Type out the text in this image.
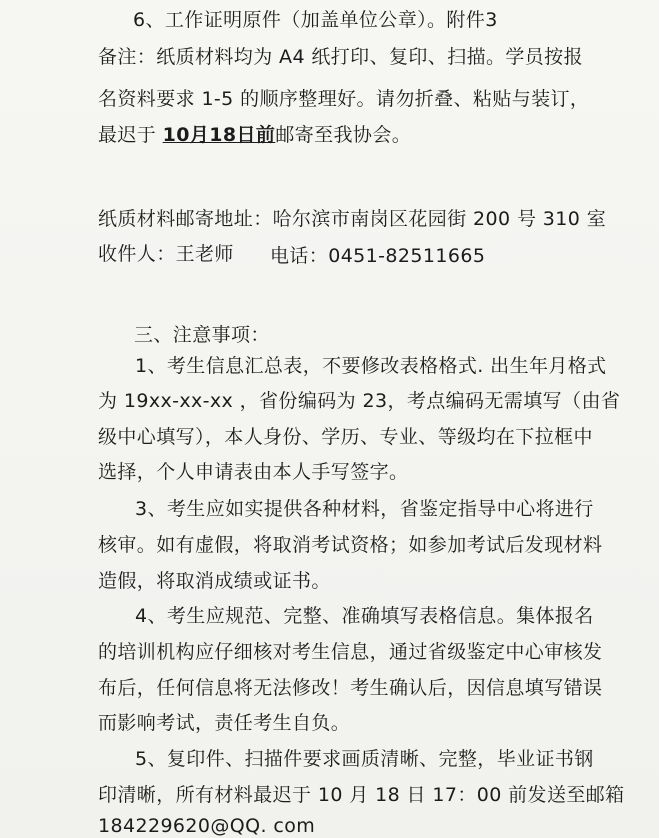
6、工作证明原件（加盖单位公章）。附件3
备注：纸质材料均为 A4 纸打印、复印、扫描。学员按报
名资料要求 1-5 的顺序整理好。请勿折叠、粘贴与装订，
最迟于 10月18日前邮寄至我协会。
纸质材料邮寄地址：哈尔滨市南岗区花园街 200 号 310 室
收件人：王老师 电话：0451-82511665
三、注意事项：
1、考生信息汇总表，不要修改表格格式. 出生年月格式
为 19xx-xx-xx ，省份编码为 23，考点编码无需填写（由省
级中心填写），本人身份、学历、专业、等级均在下拉框中
选择，个人申请表由本人手写签字。
3、考生应如实提供各种材料，省鉴定指导中心将进行
核审。如有虚假，将取消考试资格；如参加考试后发现材料
造假，将取消成绩或证书。
4、考生应规范、完整、准确填写表格信息。集体报名
的培训机构应仔细核对考生信息，通过省级鉴定中心审核发
布后，任何信息将无法修改！考生确认后，因信息填写错误
而影响考试，责任考生自负。
5、复印件、扫描件要求画质清晰、完整，毕业证书钢
印清晰，所有材料最迟于 10 月 18 日 17：00 前发送至邮箱
184229620@QQ. com
